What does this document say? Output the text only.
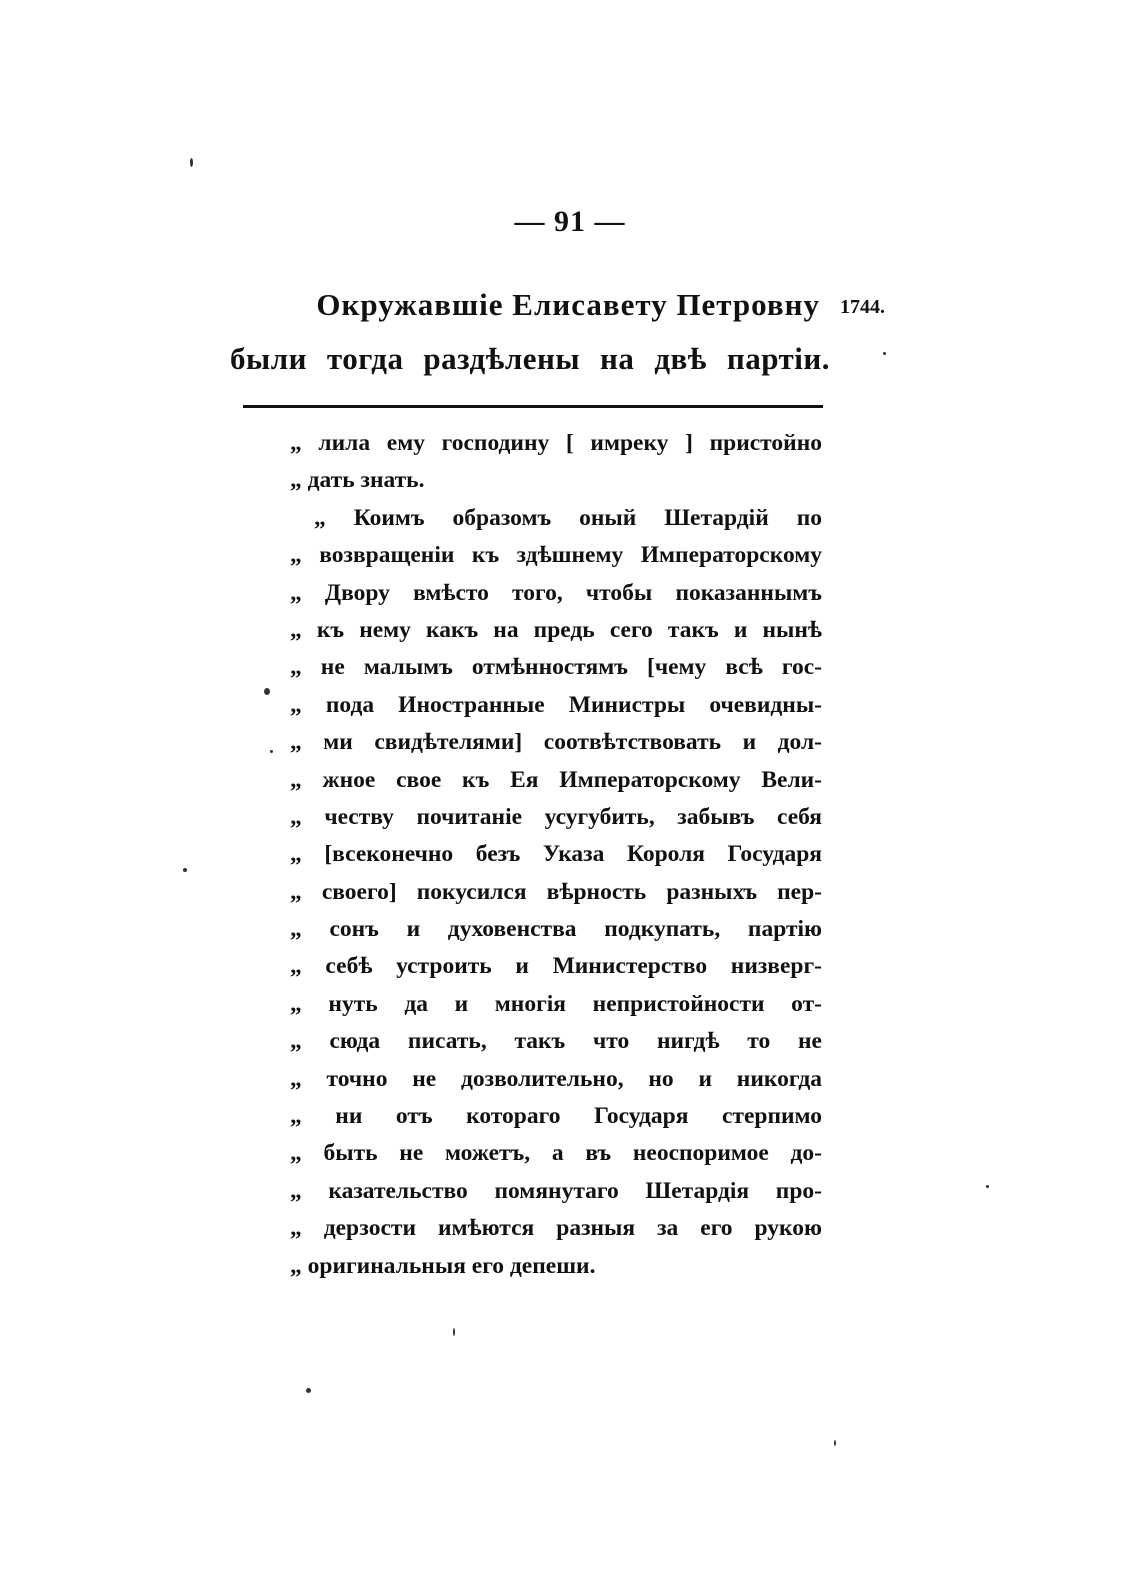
— 91 —
Окружавшіе Елисавету Петровну 1744.
были тогда раздѣлены на двѣ партіи.
„ лила ему господину [ имреку ] пристойно
„ дать знать.
„ Коимъ образомъ оный Шетардій по
„ возвращеніи къ здѣшнему Императорскому
„ Двору вмѣсто того, чтобы показаннымъ
„ къ нему какъ на предь сего такъ и нынѣ
„ не малымъ отмѣнностямъ [чему всѣ гос-
„ пода Иностранные Министры очевидны-
„ ми свидѣтелями] соотвѣтствовать и дол-
„ жное свое къ Ея Императорскому Вели-
„ честву почитаніе усугубить, забывъ себя
„ [всеконечно безъ Указа Короля Государя
„ своего] покусился вѣрность разныхъ пер-
„ сонъ и духовенства подкупать, партію
„ себѣ устроить и Министерство низверг-
„ нуть да и многія непристойности от-
„ сюда писать, такъ что нигдѣ то не
„ точно не дозволительно, но и никогда
„ ни отъ котораго Государя стерпимо
„ быть не можетъ, а въ неоспоримое до-
„ казательство помянутаго Шетардія про-
„ дерзости имѣются разныя за его рукою
„ оригинальныя его депеши.
